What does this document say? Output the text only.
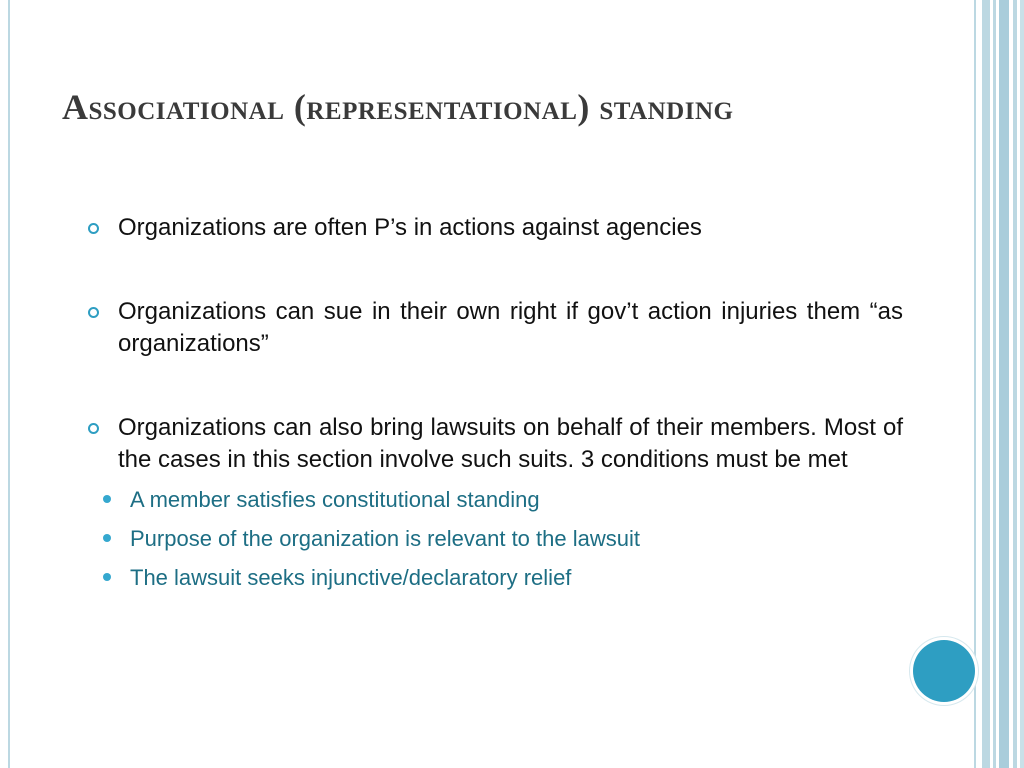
Associational (representational) standing
Organizations are often P’s in actions against agencies
Organizations can sue in their own right if gov’t action injuries them “as organizations”
Organizations can also bring lawsuits on behalf of their members. Most of the cases in this section involve such suits. 3 conditions must be met
A member satisfies constitutional standing
Purpose of the organization is relevant to the lawsuit
The lawsuit seeks injunctive/declaratory relief
